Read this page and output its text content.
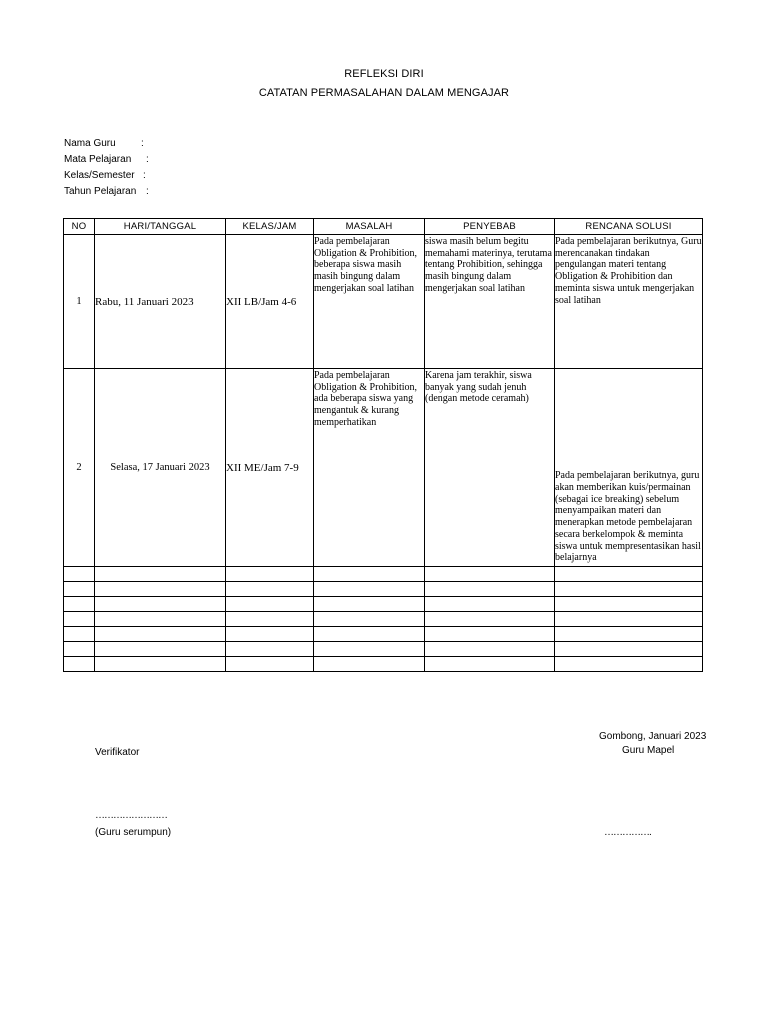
REFLEKSI DIRI
CATATAN PERMASALAHAN DALAM MENGAJAR
Nama Guru	:
Mata Pelajaran :
Kelas/Semester :
Tahun Pelajaran :
NO	HARI/TANGGAL	KELAS/JAM	MASALAH	PENYEBAB	RENCANA SOLUSI
1	Rabu, 11 Januari 2023	XII LB/Jam 4-6	Pada pembelajaran Obligation & Prohibition, beberapa siswa masih masih bingung dalam mengerjakan soal latihan	siswa masih belum begitu memahami materinya, terutama tentang Prohibition, sehingga masih bingung dalam mengerjakan soal latihan	Pada pembelajaran berikutnya, Guru merencanakan tindakan pengulangan materi tentang Obligation & Prohibition dan meminta siswa untuk mengerjakan soal latihan
2	Selasa, 17 Januari 2023	XII ME/Jam 7-9	Pada pembelajaran Obligation & Prohibition, ada beberapa siswa yang mengantuk & kurang memperhatikan	Karena jam terakhir, siswa banyak yang sudah jenuh (dengan metode ceramah)	Pada pembelajaran berikutnya, guru akan memberikan kuis/permainan (sebagai ice breaking) sebelum menyampaikan materi dan menerapkan metode pembelajaran secara berkelompok & meminta siswa untuk mempresentasikan hasil belajarnya

Gombong, Januari 2023
Verifikator	Guru Mapel
……………………
(Guru serumpun)	…………….
